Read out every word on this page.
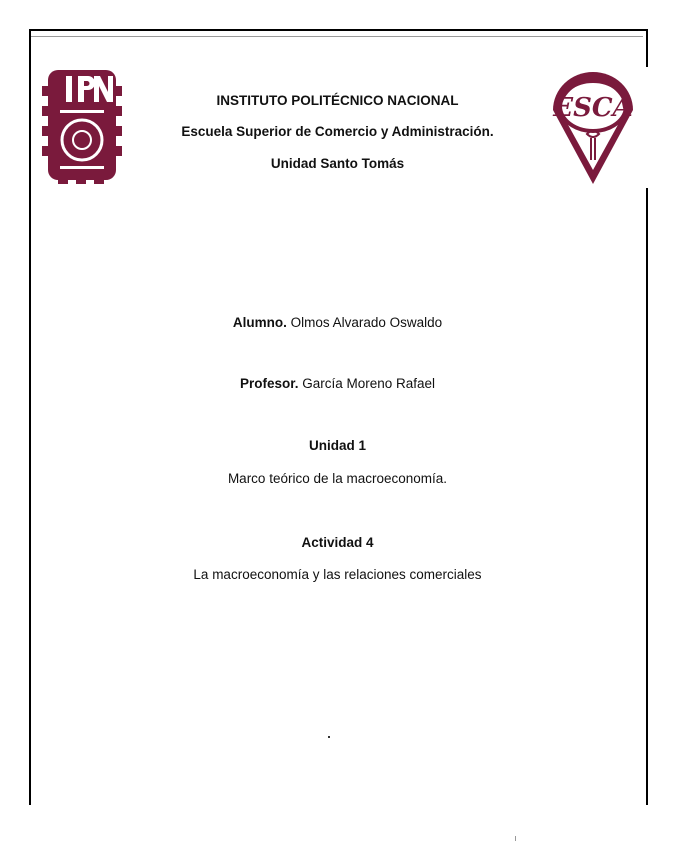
ESCA
INSTITUTO POLITÉCNICO NACIONAL
Escuela Superior de Comercio y Administración.
Unidad Santo Tomás
Alumno. Olmos Alvarado Oswaldo
Profesor. García Moreno Rafael
Unidad 1
Marco teórico de la macroeconomía.
Actividad 4
La macroeconomía y las relaciones comerciales
